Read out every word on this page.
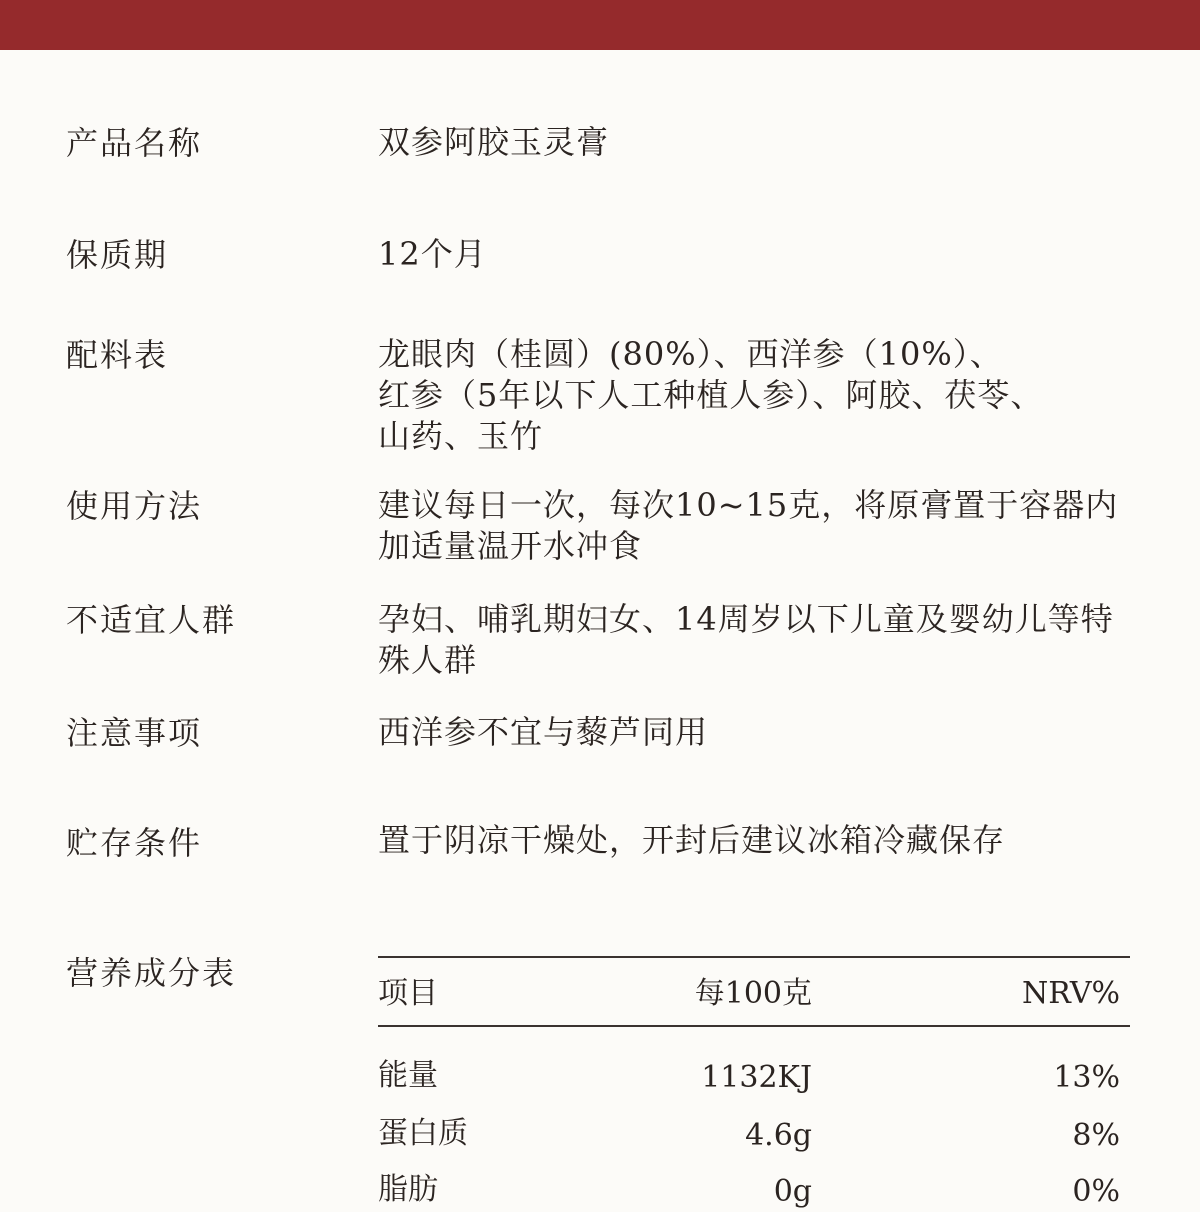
产品名称	双参阿胶玉灵膏
保质期	12个月
配料表	龙眼肉（桂圆）(80%）、西洋参（10%）、
红参（5年以下人工种植人参）、阿胶、茯苓、
山药、玉竹
使用方法	建议每日一次，每次10~15克，将原膏置于容器内
加适量温开水冲食
不适宜人群	孕妇、哺乳期妇女、14周岁以下儿童及婴幼儿等特
殊人群
注意事项	西洋参不宜与藜芦同用
贮存条件	置于阴凉干燥处，开封后建议冰箱冷藏保存
营养成分表
项目	每100克	NRV%
能量	1132KJ	13%
蛋白质	4.6g	8%
脂肪	0g	0%
